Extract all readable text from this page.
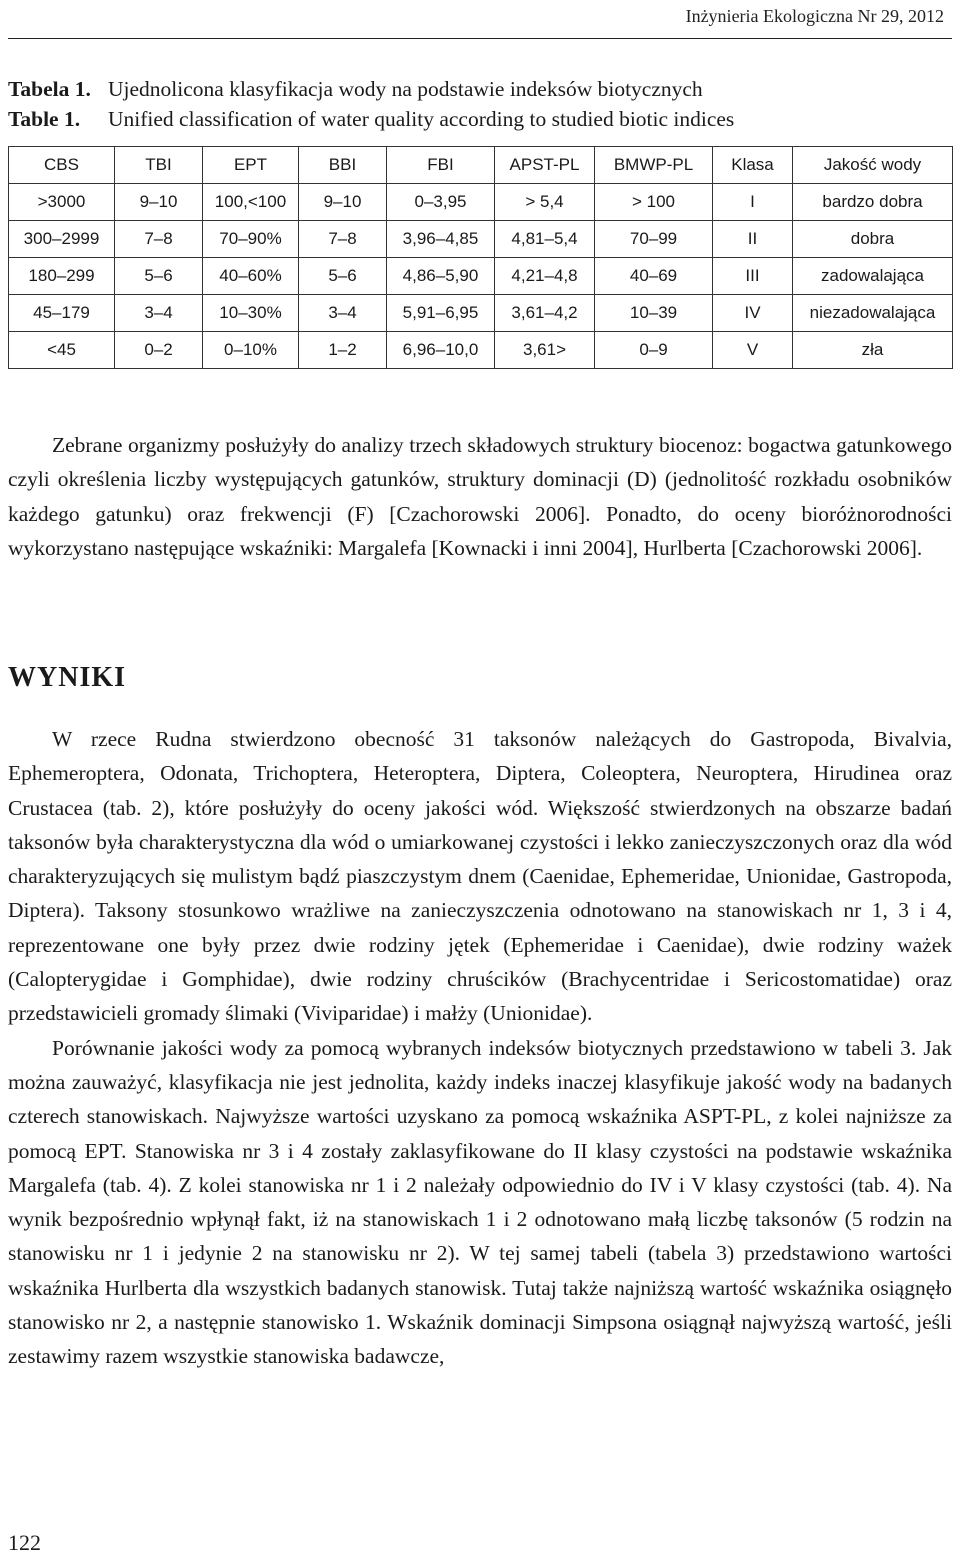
Inżynieria Ekologiczna Nr 29, 2012
Tabela 1. Ujednolicona klasyfikacja wody na podstawie indeksów biotycznych
Table 1.	Unified classification of water quality according to studied biotic indices
CBS	TBI	EPT	BBI	FBI	APST-PL	BMWP-PL	Klasa	Jakość wody
>3000	9–10	100,<100	9–10	0–3,95	> 5,4	> 100	I	bardzo dobra
300–2999	7–8	70–90%	7–8	3,96–4,85	4,81–5,4	70–99	II	dobra
180–299	5–6	40–60%	5–6	4,86–5,90	4,21–4,8	40–69	III	zadowalająca
45–179	3–4	10–30%	3–4	5,91–6,95	3,61–4,2	10–39	IV	niezadowalająca
<45	0–2	0–10%	1–2	6,96–10,0	3,61>	0–9	V	zła

Zebrane organizmy posłużyły do analizy trzech składowych struktury biocenoz: bogactwa gatunkowego czyli określenia liczby występujących gatunków, struktury dominacji (D) (jednolitość rozkładu osobników każdego gatunku) oraz frekwencji (F) [Czachorowski 2006]. Ponadto, do oceny bioróżnorodności wykorzystano następujące wskaźniki: Margalefa [Kownacki i inni 2004], Hurlberta [Czachorowski 2006].

WYNIKI

W rzece Rudna stwierdzono obecność 31 taksonów należących do Gastropoda, Bivalvia, Ephemeroptera, Odonata, Trichoptera, Heteroptera, Diptera, Coleoptera, Neuroptera, Hirudinea oraz Crustacea (tab. 2), które posłużyły do oceny jakości wód. Większość stwierdzonych na obszarze badań taksonów była charakterystyczna dla wód o umiarkowanej czystości i lekko zanieczyszczonych oraz dla wód charakteryzujących się mulistym bądź piaszczystym dnem (Caenidae, Ephemeridae, Unionidae, Gastropoda, Diptera). Taksony stosunkowo wrażliwe na zanieczyszczenia odnotowano na stanowiskach nr 1, 3 i 4, reprezentowane one były przez dwie rodziny jętek (Ephemeridae i Caenidae), dwie rodziny ważek (Calopterygidae i Gomphidae), dwie rodziny chruścików (Brachycentridae i Sericostomatidae) oraz przedstawicieli gromady ślimaki (Viviparidae) i małży (Unionidae).

Porównanie jakości wody za pomocą wybranych indeksów biotycznych przedstawiono w tabeli 3. Jak można zauważyć, klasyfikacja nie jest jednolita, każdy indeks inaczej klasyfikuje jakość wody na badanych czterech stanowiskach. Najwyższe wartości uzyskano za pomocą wskaźnika ASPT-PL, z kolei najniższe za pomocą EPT. Stanowiska nr 3 i 4 zostały zaklasyfikowane do II klasy czystości na podstawie wskaźnika Margalefa (tab. 4). Z kolei stanowiska nr 1 i 2 należały odpowiednio do IV i V klasy czystości (tab. 4). Na wynik bezpośrednio wpłynął fakt, iż na stanowiskach 1 i 2 odnotowano małą liczbę taksonów (5 rodzin na stanowisku nr 1 i jedynie 2 na stanowisku nr 2). W tej samej tabeli (tabela 3) przedstawiono wartości wskaźnika Hurlberta dla wszystkich badanych stanowisk. Tutaj także najniższą wartość wskaźnika osiągnęło stanowisko nr 2, a następnie stanowisko 1. Wskaźnik dominacji Simpsona osiągnął najwyższą wartość, jeśli zestawimy razem wszystkie stanowiska badawcze,

122
